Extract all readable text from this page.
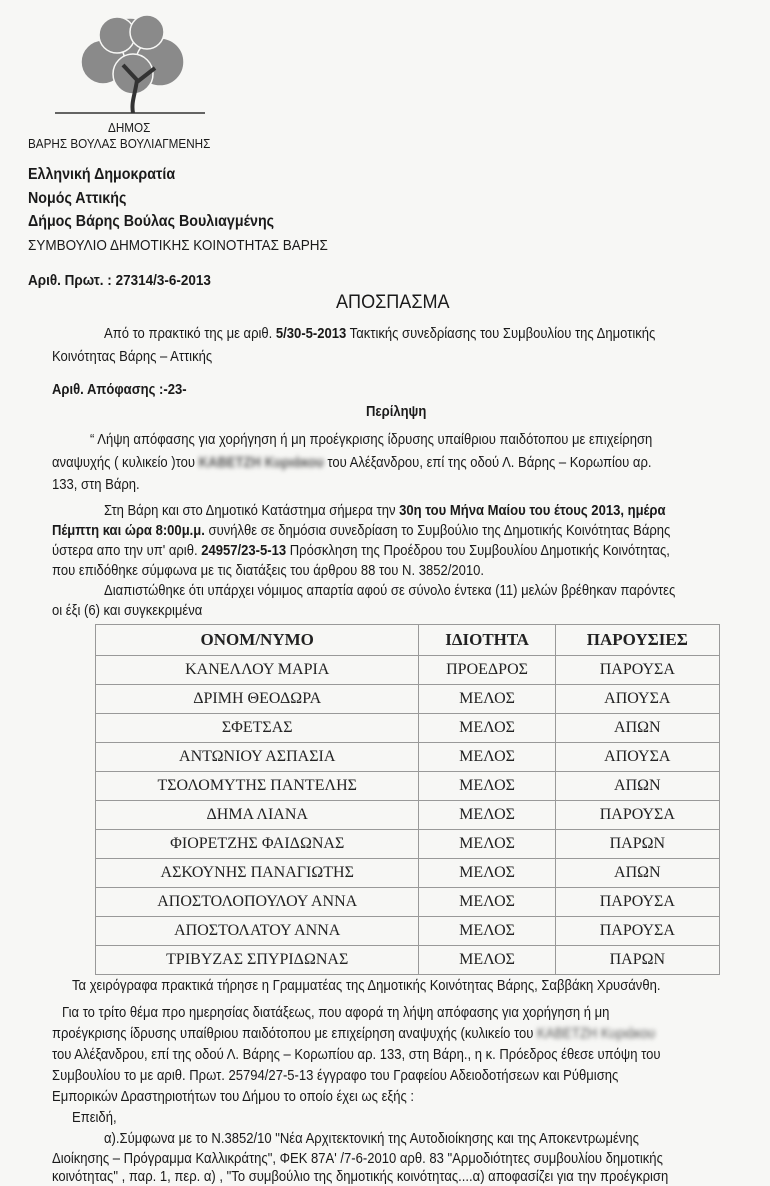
ΔΗΜΟΣ
ΒΑΡΗΣ ΒΟΥΛΑΣ ΒΟΥΛΙΑΓΜΕΝΗΣ
Ελληνική Δημοκρατία
Νομός Αττικής
Δήμος Βάρης Βούλας Βουλιαγμένης
ΣΥΜΒΟΥΛΙΟ ΔΗΜΟΤΙΚΗΣ ΚΟΙΝΟΤΗΤΑΣ ΒΑΡΗΣ
Αριθ. Πρωτ. : 27314/3-6-2013
ΑΠΟΣΠΑΣΜΑ
Από το πρακτικό της με αριθ. 5/30-5-2013 Τακτικής συνεδρίασης του Συμβουλίου της Δημοτικής
Κοινότητας Βάρης – Αττικής
Αριθ. Απόφασης :-23-
Περίληψη
“ Λήψη απόφασης για χορήγηση ή μη προέγκρισης ίδρυσης υπαίθριου παιδότοπου με επιχείρηση
αναψυχής ( κυλικείο )του ΚΑΒΕΤΖΗ Κυριάκου του Αλέξανδρου, επί της οδού Λ. Βάρης – Κορωπίου αρ.
133, στη Βάρη.
Στη Βάρη και στο Δημοτικό Κατάστημα σήμερα την 30η του Μήνα Μαίου του έτους 2013, ημέρα
Πέμπτη και ώρα 8:00μ.μ. συνήλθε σε δημόσια συνεδρίαση το Συμβούλιο της Δημοτικής Κοινότητας Βάρης
ύστερα απο την υπ' αριθ. 24957/23-5-13 Πρόσκληση της Προέδρου του Συμβουλίου Δημοτικής Κοινότητας,
που επιδόθηκε σύμφωνα με τις διατάξεις του άρθρου 88 του Ν. 3852/2010.
Διαπιστώθηκε ότι υπάρχει νόμιμος απαρτία αφού σε σύνολο έντεκα (11) μελών βρέθηκαν παρόντες
οι έξι (6) και συγκεκριμένα
ΟΝΟΜ/ΝΥΜΟ	ΙΔΙΟΤΗΤΑ	ΠΑΡΟΥΣΙΕΣ
ΚΑΝΕΛΛΟΥ ΜΑΡΙΑ	ΠΡΟΕΔΡΟΣ	ΠΑΡΟΥΣΑ
ΔΡΙΜΗ ΘΕΟΔΩΡΑ	ΜΕΛΟΣ	ΑΠΟΥΣΑ
ΣΦΕΤΣΑΣ	ΜΕΛΟΣ	ΑΠΩΝ
ΑΝΤΩΝΙΟΥ ΑΣΠΑΣΙΑ	ΜΕΛΟΣ	ΑΠΟΥΣΑ
ΤΣΟΛΟΜΥΤΗΣ ΠΑΝΤΕΛΗΣ	ΜΕΛΟΣ	ΑΠΩΝ
ΔΗΜΑ ΛΙΑΝΑ	ΜΕΛΟΣ	ΠΑΡΟΥΣΑ
ΦΙΟΡΕΤΖΗΣ ΦΑΙΔΩΝΑΣ	ΜΕΛΟΣ	ΠΑΡΩΝ
ΑΣΚΟΥΝΗΣ ΠΑΝΑΓΙΩΤΗΣ	ΜΕΛΟΣ	ΑΠΩΝ
ΑΠΟΣΤΟΛΟΠΟΥΛΟΥ ΑΝΝΑ	ΜΕΛΟΣ	ΠΑΡΟΥΣΑ
ΑΠΟΣΤΟΛΑΤΟΥ ΑΝΝΑ	ΜΕΛΟΣ	ΠΑΡΟΥΣΑ
ΤΡΙΒΥΖΑΣ ΣΠΥΡΙΔΩΝΑΣ	ΜΕΛΟΣ	ΠΑΡΩΝ
Τα χειρόγραφα πρακτικά τήρησε η Γραμματέας της Δημοτικής Κοινότητας Βάρης, Σαββάκη Χρυσάνθη.
Για το τρίτο θέμα προ ημερησίας διατάξεως, που αφορά τη λήψη απόφασης για χορήγηση ή μη
προέγκρισης ίδρυσης υπαίθριου παιδότοπου με επιχείρηση αναψυχής (κυλικείο του ΚΑΒΕΤΖΗ Κυριάκου
του Αλέξανδρου, επί της οδού Λ. Βάρης – Κορωπίου αρ. 133, στη Βάρη., η κ. Πρόεδρος έθεσε υπόψη του
Συμβουλίου το με αριθ. Πρωτ. 25794/27-5-13 έγγραφο του Γραφείου Αδειοδοτήσεων και Ρύθμισης
Εμπορικών Δραστηριοτήτων του Δήμου το οποίο έχει ως εξής :
Επειδή,
α).Σύμφωνα με το Ν.3852/10 "Νέα Αρχιτεκτονική της Αυτοδιοίκησης και της Αποκεντρωμένης
Διοίκησης – Πρόγραμμα Καλλικράτης", ΦΕΚ 87Α' /7-6-2010 αρθ. 83 "Αρμοδιότητες συμβουλίου δημοτικής
κοινότητας" , παρ. 1, περ. α) , "Το συμβούλιο της δημοτικής κοινότητας....α) αποφασίζει για την προέγκριση
